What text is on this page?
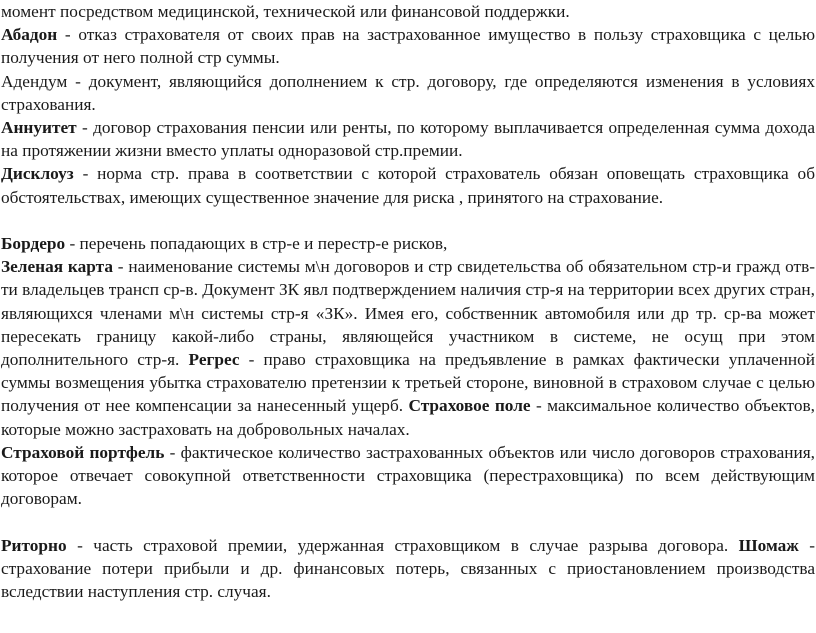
момент посредством медицинской, технической или финансовой поддержки.
Абадон - отказ страхователя от своих прав на застрахованное имущество в пользу страховщика с целью получения от него полной стр суммы.
Адендум - документ, являющийся дополнением к стр. договору, где определяются изменения в условиях страхования.
Аннуитет - договор страхования пенсии или ренты, по которому выплачивается определенная сумма дохода на протяжении жизни вместо уплаты одноразовой стр.премии.
Дисклоуз - норма стр. права в соответствии с которой страхователь обязан оповещать страховщика об обстоятельствах, имеющих существенное значение для риска , принятого на страхование.
Бордеро - перечень попадающих в стр-е и перестр-е рисков,
Зеленая карта - наименование системы м\н договоров и стр свидетельства об обязательном стр-и гражд отв-ти владельцев трансп ср-в. Документ ЗК явл подтверждением наличия стр-я на территории всех других стран, являющихся членами м\н системы стр-я «ЗК». Имея его, собственник автомобиля или др тр. ср-ва может пересекать границу какой-либо страны, являющейся участником в системе, не осущ при этом дополнительного стр-я. Регрес - право страховщика на предъявление в рамках фактически уплаченной суммы возмещения убытка страхователю претензии к третьей стороне, виновной в страховом случае с целью получения от нее компенсации за нанесенный ущерб. Страховое поле - максимальное количество объектов, которые можно застраховать на добровольных началах.
Страховой портфель - фактическое количество застрахованных объектов или число договоров страхования, которое отвечает совокупной ответственности страховщика (перестраховщика) по всем действующим договорам.
Риторно - часть страховой премии, удержанная страховщиком в случае разрыва договора. Шомаж - страхование потери прибыли и др. финансовых потерь, связанных с приостановлением производства вследствии наступления стр. случая.
